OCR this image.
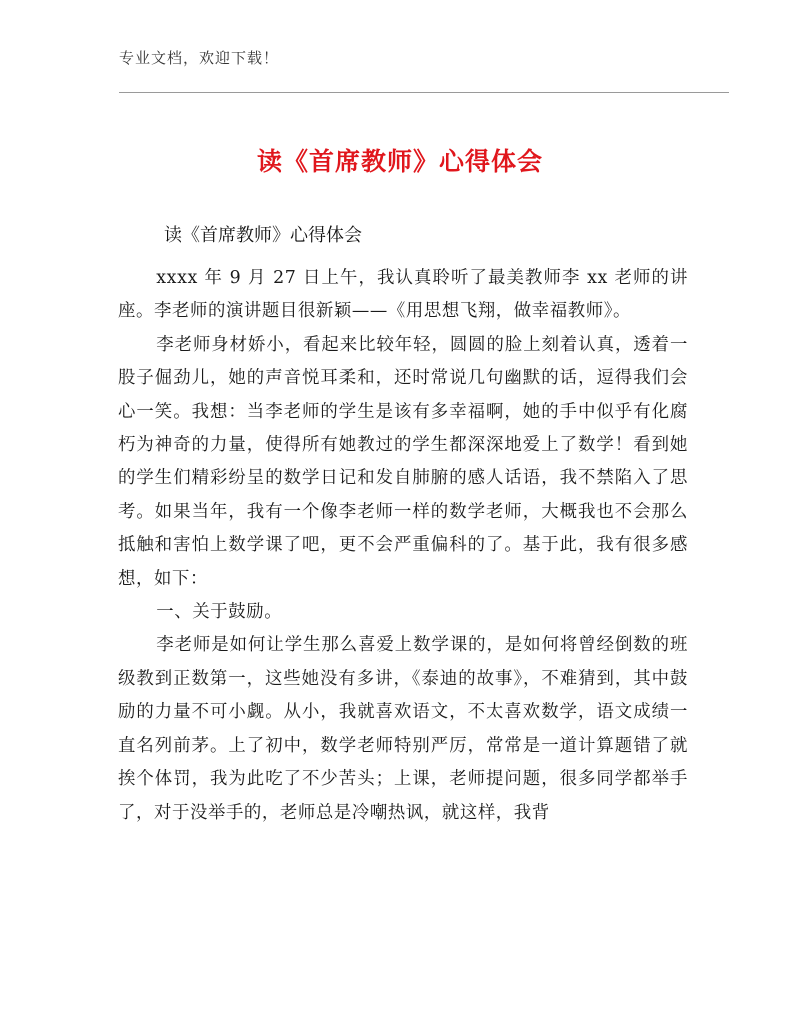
专业文档，欢迎下载！
读《首席教师》心得体会
读《首席教师》心得体会

xxxx 年 9 月 27 日上午，我认真聆听了最美教师李 xx 老师的讲座。李老师的演讲题目很新颖——《用思想飞翔，做幸福教师》。

李老师身材娇小，看起来比较年轻，圆圆的脸上刻着认真，透着一股子倔劲儿，她的声音悦耳柔和，还时常说几句幽默的话，逗得我们会心一笑。我想：当李老师的学生是该有多幸福啊，她的手中似乎有化腐朽为神奇的力量，使得所有她教过的学生都深深地爱上了数学！看到她的学生们精彩纷呈的数学日记和发自肺腑的感人话语，我不禁陷入了思考。如果当年，我有一个像李老师一样的数学老师，大概我也不会那么抵触和害怕上数学课了吧，更不会严重偏科的了。基于此，我有很多感想，如下：

一、关于鼓励。

李老师是如何让学生那么喜爱上数学课的，是如何将曾经倒数的班级教到正数第一，这些她没有多讲，《泰迪的故事》，不难猜到，其中鼓励的力量不可小觑。从小，我就喜欢语文，不太喜欢数学，语文成绩一直名列前茅。上了初中，数学老师特别严厉，常常是一道计算题错了就挨个体罚，我为此吃了不少苦头；上课，老师提问题，很多同学都举手了，对于没举手的，老师总是冷嘲热讽，就这样，我背
